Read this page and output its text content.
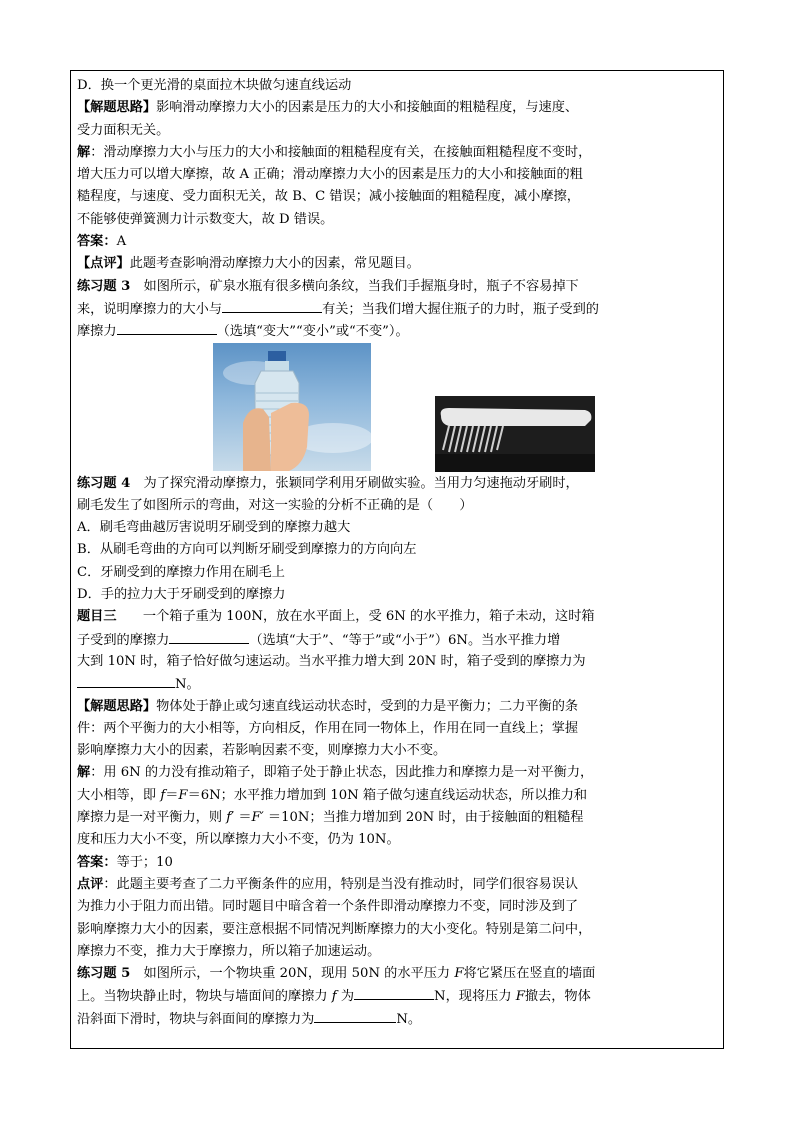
D．换一个更光滑的桌面拉木块做匀速直线运动
【解题思路】影响滑动摩擦力大小的因素是压力的大小和接触面的粗糙程度，与速度、
受力面积无关。
解：滑动摩擦力大小与压力的大小和接触面的粗糙程度有关，在接触面粗糙程度不变时，
增大压力可以增大摩擦，故 A 正确；滑动摩擦力大小的因素是压力的大小和接触面的粗
糙程度，与速度、受力面积无关，故 B、C 错误；减小接触面的粗糙程度，减小摩擦，
不能够使弹簧测力计示数变大，故 D 错误。
答案：A
【点评】此题考查影响滑动摩擦力大小的因素，常见题目。
练习题 3　如图所示，矿泉水瓶有很多横向条纹，当我们手握瓶身时，瓶子不容易掉下
来，说明摩擦力的大小与	有关；当我们增大握住瓶子的力时，瓶子受到的
摩擦力	（选填“变大”“变小”或“不变”）。
练习题 4　为了探究滑动摩擦力，张颖同学利用牙刷做实验。当用力匀速拖动牙刷时，
刷毛发生了如图所示的弯曲，对这一实验的分析不正确的是（　　）
A．刷毛弯曲越厉害说明牙刷受到的摩擦力越大
B．从刷毛弯曲的方向可以判断牙刷受到摩擦力的方向向左
C．牙刷受到的摩擦力作用在刷毛上
D．手的拉力大于牙刷受到的摩擦力
题目三　　一个箱子重为 100N，放在水平面上，受 6N 的水平推力，箱子未动，这时箱
子受到的摩擦力	（选填“大于”、“等于”或“小于”）6N。当水平推力增
大到 10N 时，箱子恰好做匀速运动。当水平推力增大到 20N 时，箱子受到的摩擦力为
N。
【解题思路】物体处于静止或匀速直线运动状态时，受到的力是平衡力；二力平衡的条
件：两个平衡力的大小相等，方向相反，作用在同一物体上，作用在同一直线上；掌握
影响摩擦力大小的因素，若影响因素不变，则摩擦力大小不变。
解：用 6N 的力没有推动箱子，即箱子处于静止状态，因此推力和摩擦力是一对平衡力，
大小相等，即 f＝F＝6N；水平推力增加到 10N 箱子做匀速直线运动状态，所以推力和
摩擦力是一对平衡力，则 f′ ＝F′ ＝10N；当推力增加到 20N 时，由于接触面的粗糙程
度和压力大小不变，所以摩擦力大小不变，仍为 10N。
答案：等于；10
点评：此题主要考查了二力平衡条件的应用，特别是当没有推动时，同学们很容易误认
为推力小于阻力而出错。同时题目中暗含着一个条件即滑动摩擦力不变，同时涉及到了
影响摩擦力大小的因素，要注意根据不同情况判断摩擦力的大小变化。特别是第二问中，
摩擦力不变，推力大于摩擦力，所以箱子加速运动。
练习题 5　如图所示，一个物块重 20N，现用 50N 的水平压力 F将它紧压在竖直的墙面
上。当物块静止时，物块与墙面间的摩擦力 f 为	N，现将压力 F撤去，物体
沿斜面下滑时，物块与斜面间的摩擦力为	N。
